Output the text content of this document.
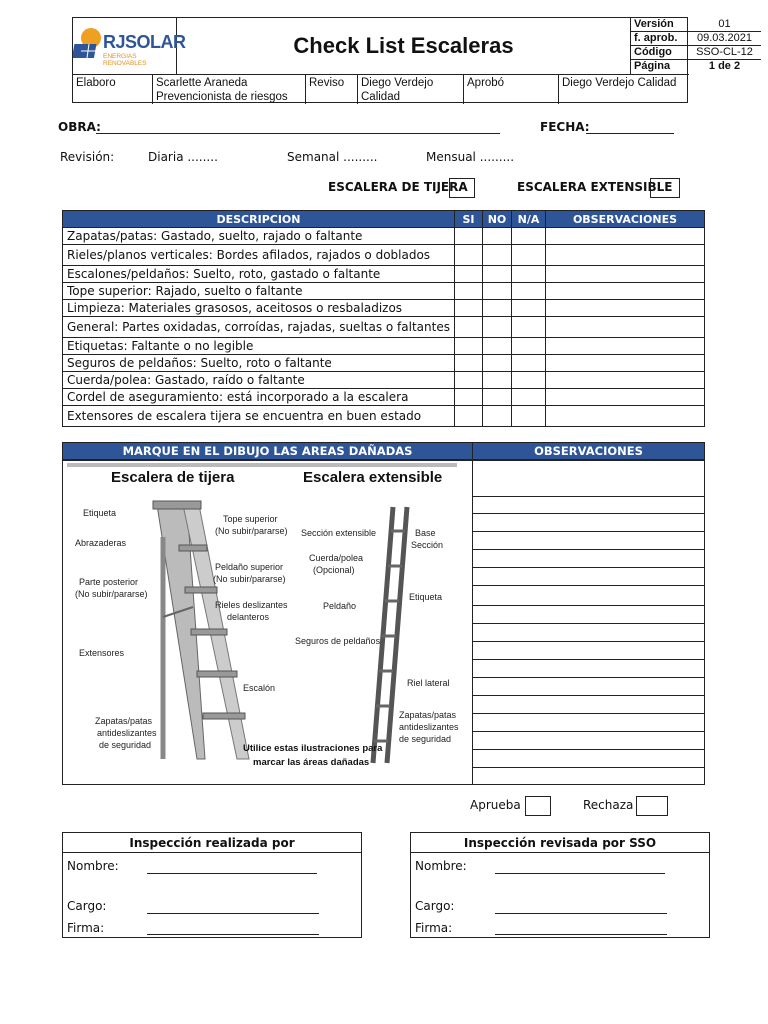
RJSOLAR
ENERGIAS RENOVABLES
Check List Escaleras
Versión	01
f. aprob.	09.03.2021
Código	SSO-CL-12
Página	1 de 2
Elaboro	Scarlette Araneda
Prevencionista de riesgos
Reviso	Diego Verdejo
Calidad
Aprobó	Diego Verdejo Calidad
OBRA:	FECHA:
Revisión:	Diaria ........	Semanal .........	Mensual .........
ESCALERA DE TIJERA	ESCALERA EXTENSIBLE
DESCRIPCION	SI	NO	N/A	OBSERVACIONES
Zapatas/patas: Gastado, suelto, rajado o faltante				
Rieles/planos verticales: Bordes afilados, rajados o doblados				
Escalones/peldaños: Suelto, roto, gastado o faltante				
Tope superior: Rajado, suelto o faltante				
Limpieza: Materiales grasosos, aceitosos o resbaladizos				
General: Partes oxidadas, corroídas, rajadas, sueltas o faltantes				
Etiquetas: Faltante o no legible				
Seguros de peldaños: Suelto, roto o faltante				
Cuerda/polea: Gastado, raído o faltante				
Cordel de aseguramiento: está incorporado a la escalera				
Extensores de escalera tijera se encuentra en buen estado				
MARQUE EN EL DIBUJO LAS AREAS DAÑADAS	OBSERVACIONES
Escalera de tijera	Escalera extensible
Etiqueta
Abrazaderas
Parte posterior
(No subir/pararse)
Extensores
Zapatas/patas
antideslizantes
de seguridad
Tope superior
(No subir/pararse)
Peldaño superior
(No subir/pararse)
Rieles deslizantes
delanteros
Escalón
Sección extensible	Base
Sección
Cuerda/polea
(Opcional)
Peldaño
Etiqueta
Seguros de peldaños
Riel lateral
Zapatas/patas
antideslizantes
de seguridad
Utilice estas ilustraciones para
marcar las áreas dañadas
Aprueba	Rechaza
Inspección realizada por
Nombre:
Cargo:
Firma:
Inspección revisada por SSO
Nombre:
Cargo:
Firma:
